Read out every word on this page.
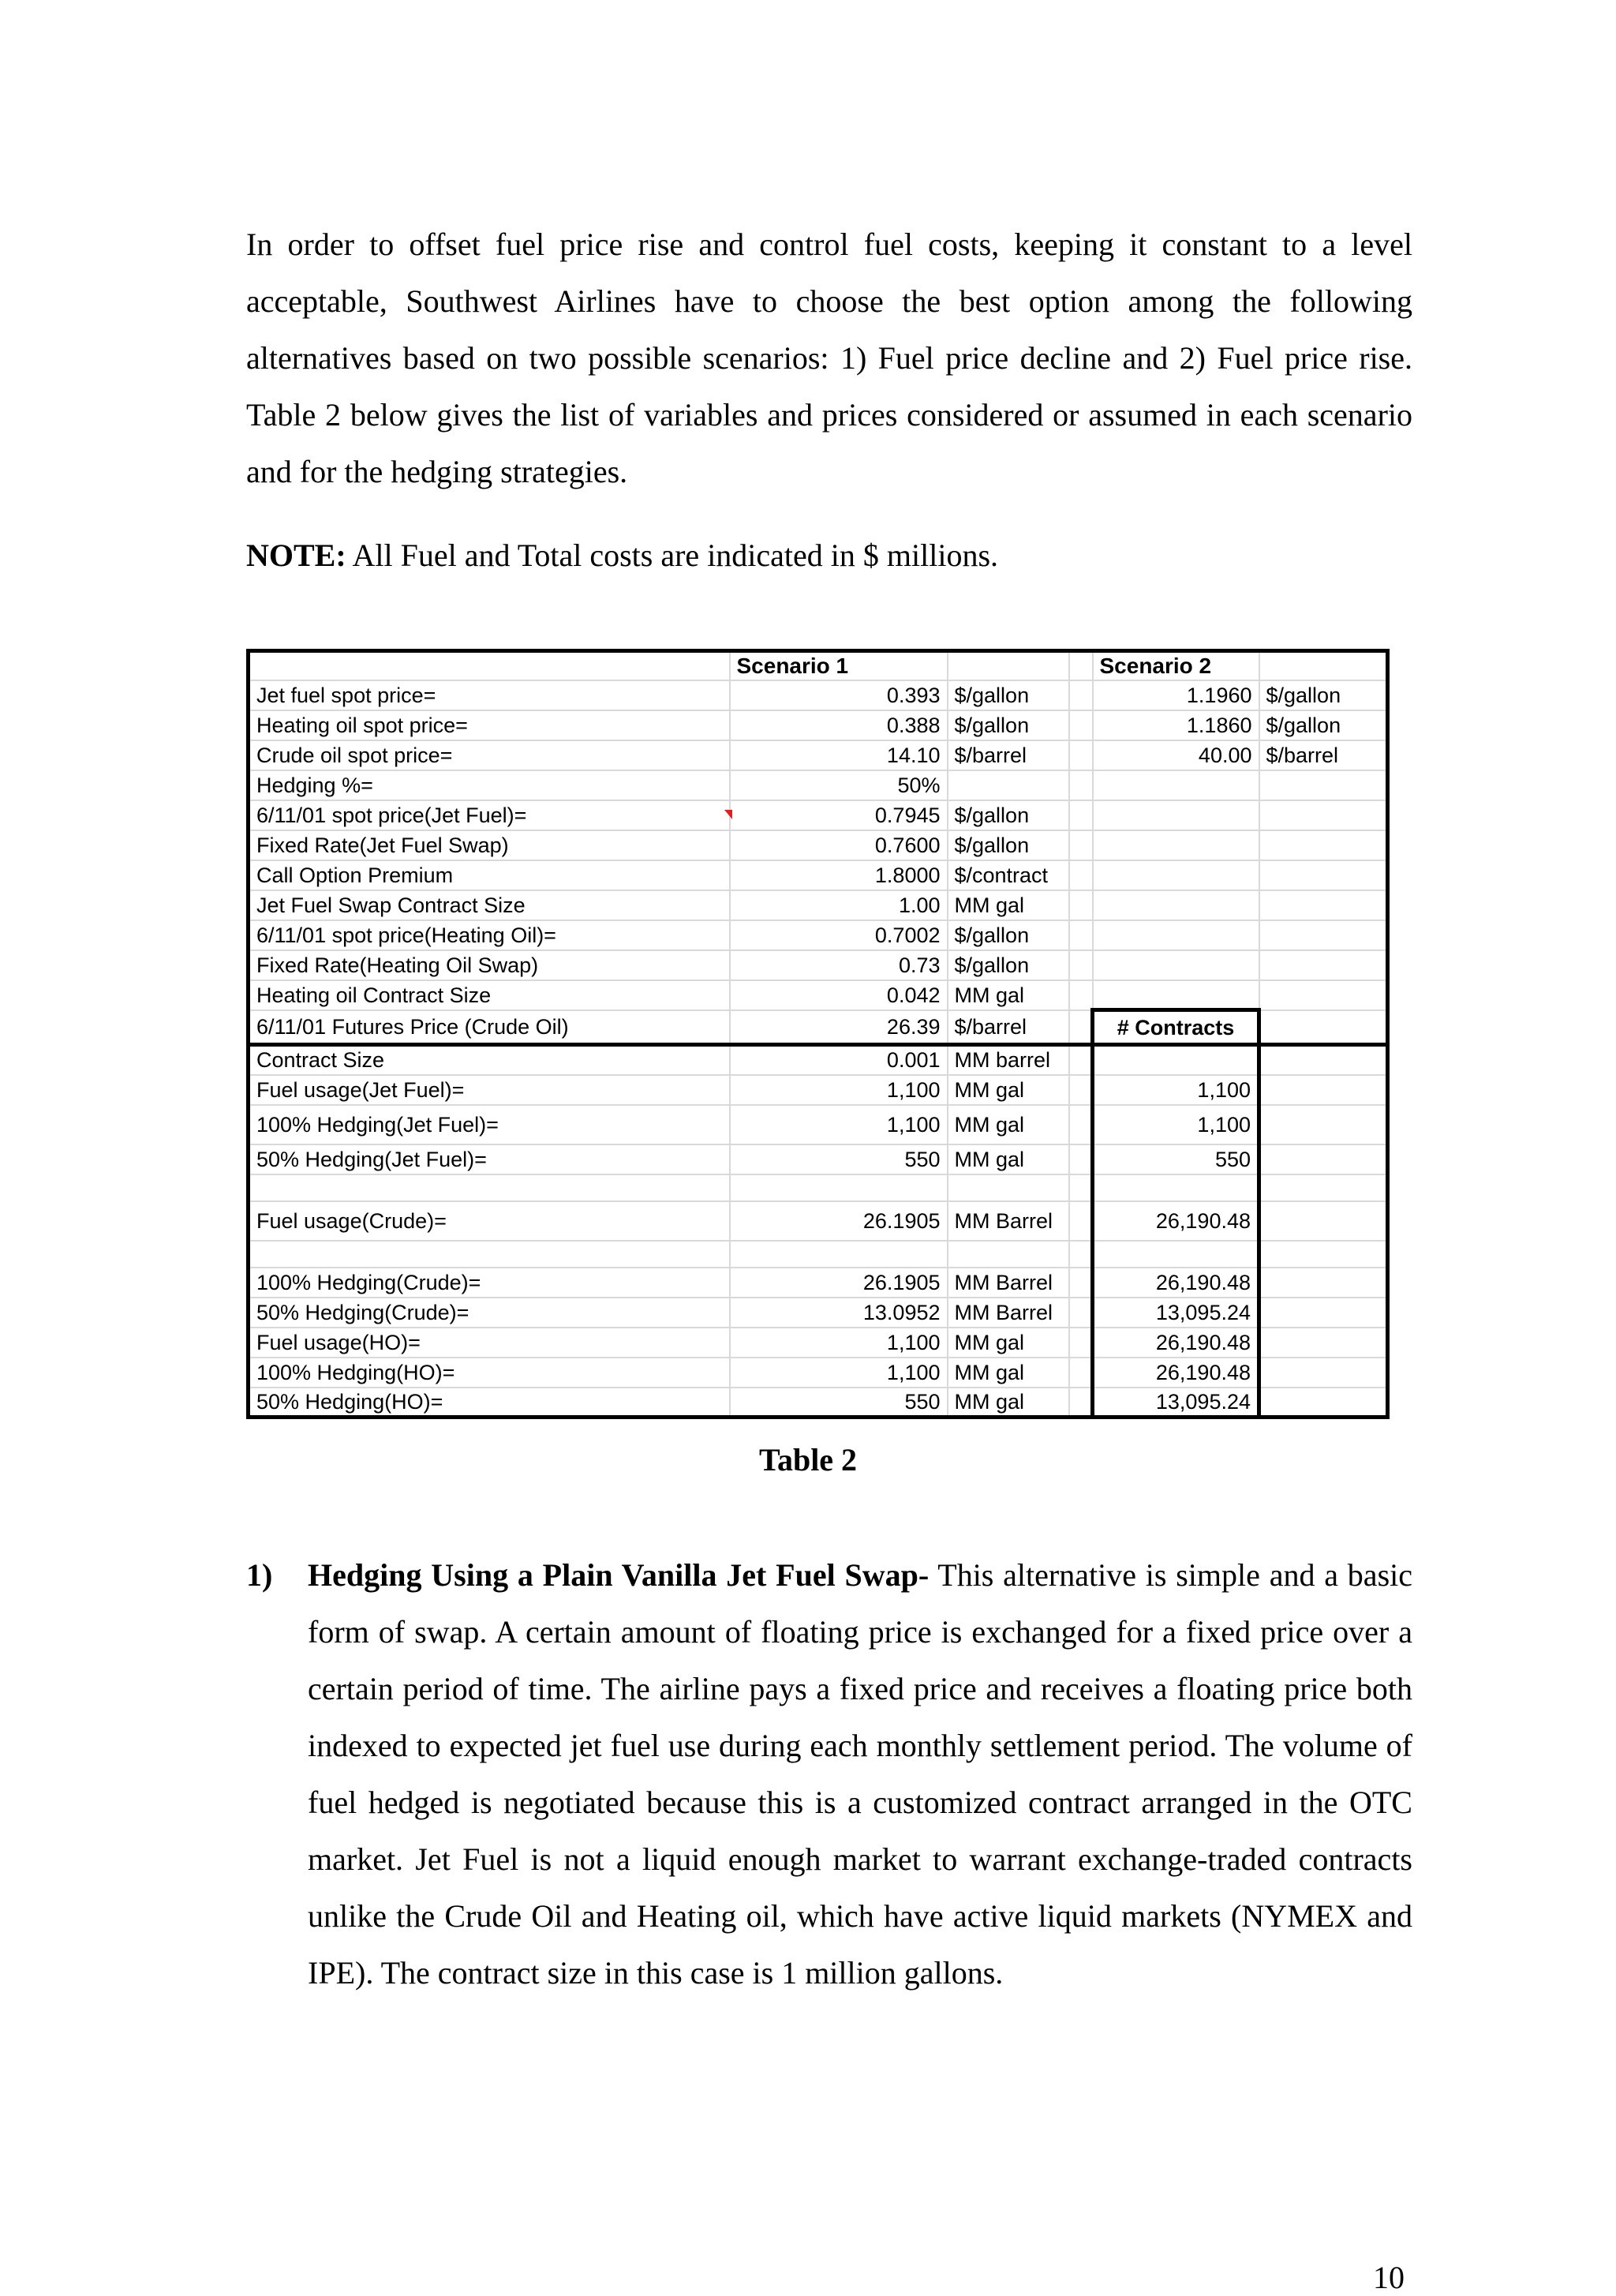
In order to offset fuel price rise and control fuel costs, keeping it constant to a level acceptable, Southwest Airlines have to choose the best option among the following alternatives based on two possible scenarios: 1) Fuel price decline and 2) Fuel price rise. Table 2 below gives the list of variables and prices considered or assumed in each scenario and for the hedging strategies.

NOTE: All Fuel and Total costs are indicated in $ millions.

	Scenario 1			Scenario 2	
Jet fuel spot price=	0.393	$/gallon		1.1960	$/gallon
Heating oil spot price=	0.388	$/gallon		1.1860	$/gallon
Crude oil spot price=	14.10	$/barrel		40.00	$/barrel
Hedging %=	50%				
6/11/01 spot price(Jet Fuel)=	0.7945	$/gallon			
Fixed Rate(Jet Fuel Swap)	0.7600	$/gallon			
Call Option Premium	1.8000	$/contract			
Jet Fuel Swap Contract Size	1.00	MM gal			
6/11/01 spot price(Heating Oil)=	0.7002	$/gallon			
Fixed Rate(Heating Oil Swap)	0.73	$/gallon			
Heating oil Contract Size	0.042	MM gal			
6/11/01 Futures Price (Crude Oil)	26.39	$/barrel		# Contracts	
Contract Size	0.001	MM barrel			
Fuel usage(Jet Fuel)=	1,100	MM gal		1,100	
100% Hedging(Jet Fuel)=	1,100	MM gal		1,100	
50% Hedging(Jet Fuel)=	550	MM gal		550	

Fuel usage(Crude)=	26.1905	MM Barrel		26,190.48	

100% Hedging(Crude)=	26.1905	MM Barrel		26,190.48	
50% Hedging(Crude)=	13.0952	MM Barrel		13,095.24	
Fuel usage(HO)=	1,100	MM gal		26,190.48	
100% Hedging(HO)=	1,100	MM gal		26,190.48	
50% Hedging(HO)=	550	MM gal		13,095.24	
Table 2
1) Hedging Using a Plain Vanilla Jet Fuel Swap- This alternative is simple and a basic form of swap. A certain amount of floating price is exchanged for a fixed price over a certain period of time. The airline pays a fixed price and receives a floating price both indexed to expected jet fuel use during each monthly settlement period. The volume of fuel hedged is negotiated because this is a customized contract arranged in the OTC market. Jet Fuel is not a liquid enough market to warrant exchange-traded contracts unlike the Crude Oil and Heating oil, which have active liquid markets (NYMEX and IPE). The contract size in this case is 1 million gallons.
10
